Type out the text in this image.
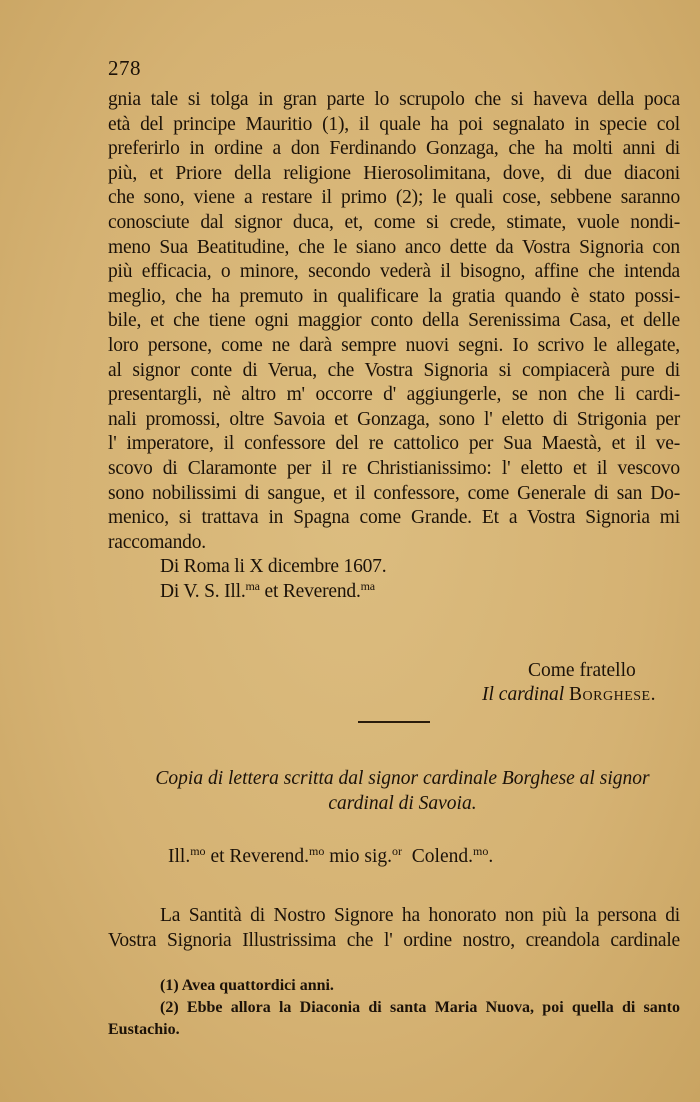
278
gnia tale si tolga in gran parte lo scrupolo che si haveva della poca
età del principe Mauritio (1), il quale ha poi segnalato in specie col
preferirlo in ordine a don Ferdinando Gonzaga, che ha molti anni di
più, et Priore della religione Hierosolimitana, dove, di due diaconi
che sono, viene a restare il primo (2); le quali cose, sebbene saranno
conosciute dal signor duca, et, come si crede, stimate, vuole nondi-
meno Sua Beatitudine, che le siano anco dette da Vostra Signoria con
più efficacia, o minore, secondo vederà il bisogno, affine che intenda
meglio, che ha premuto in qualificare la gratia quando è stato possi-
bile, et che tiene ogni maggior conto della Serenissima Casa, et delle
loro persone, come ne darà sempre nuovi segni. Io scrivo le allegate,
al signor conte di Verua, che Vostra Signoria si compiacerà pure di
presentargli, nè altro m' occorre d' aggiungerle, se non che li cardi-
nali promossi, oltre Savoia et Gonzaga, sono l' eletto di Strigonia per
l' imperatore, il confessore del re cattolico per Sua Maestà, et il ve-
scovo di Claramonte per il re Christianissimo: l' eletto et il vescovo
sono nobilissimi di sangue, et il confessore, come Generale di san Do-
menico, si trattava in Spagna come Grande. Et a Vostra Signoria mi
raccomando.
Di Roma li X dicembre 1607.
Di V. S. Ill.$^{ma}$ et Reverend.$^{ma}$
Come fratello
Il cardinal Borghese.
Copia di lettera scritta dal signor cardinale Borghese al signor
cardinal di Savoia.
Ill.$^{mo}$ et Reverend.$^{mo}$ mio sig.$^{or}$  Colend.$^{mo}$.
La Santità di Nostro Signore ha honorato non più la persona di
Vostra Signoria Illustrissima che l' ordine nostro, creandola cardinale
(1) Avea quattordici anni.
(2) Ebbe allora la Diaconia di santa Maria Nuova, poi quella di santo
Eustachio.
